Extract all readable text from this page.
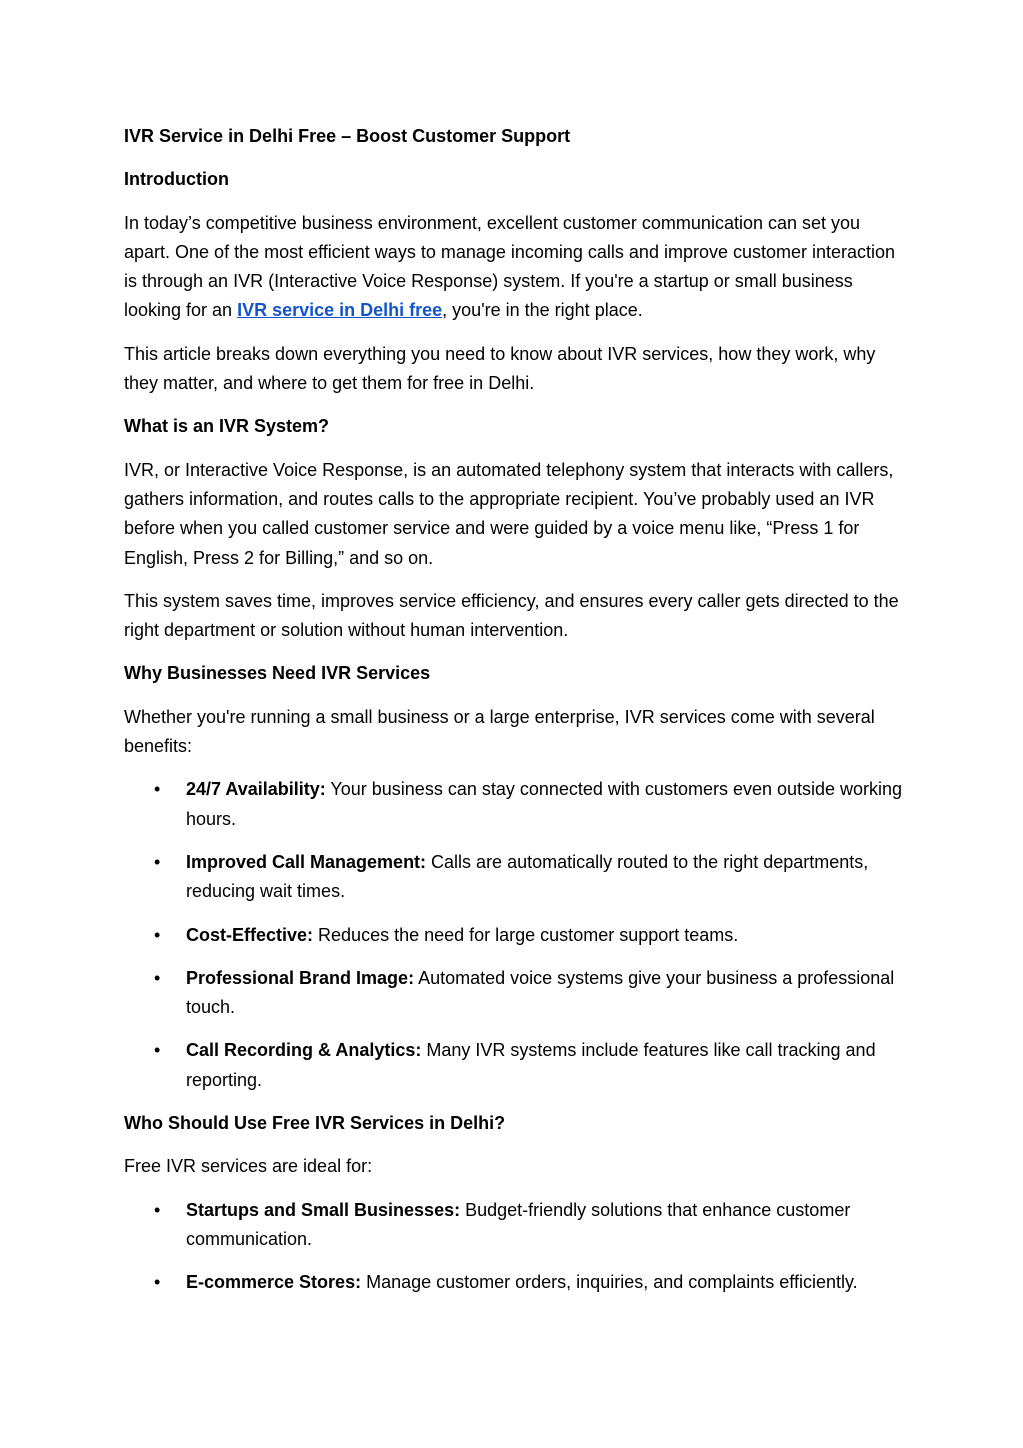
IVR Service in Delhi Free – Boost Customer Support
Introduction
In today’s competitive business environment, excellent customer communication can set you apart. One of the most efficient ways to manage incoming calls and improve customer interaction is through an IVR (Interactive Voice Response) system. If you're a startup or small business looking for an IVR service in Delhi free, you're in the right place.
This article breaks down everything you need to know about IVR services, how they work, why they matter, and where to get them for free in Delhi.
What is an IVR System?
IVR, or Interactive Voice Response, is an automated telephony system that interacts with callers, gathers information, and routes calls to the appropriate recipient. You’ve probably used an IVR before when you called customer service and were guided by a voice menu like, “Press 1 for English, Press 2 for Billing,” and so on.
This system saves time, improves service efficiency, and ensures every caller gets directed to the right department or solution without human intervention.
Why Businesses Need IVR Services
Whether you're running a small business or a large enterprise, IVR services come with several benefits:
• 24/7 Availability: Your business can stay connected with customers even outside working hours.
• Improved Call Management: Calls are automatically routed to the right departments, reducing wait times.
• Cost-Effective: Reduces the need for large customer support teams.
• Professional Brand Image: Automated voice systems give your business a professional touch.
• Call Recording & Analytics: Many IVR systems include features like call tracking and reporting.
Who Should Use Free IVR Services in Delhi?
Free IVR services are ideal for:
• Startups and Small Businesses: Budget-friendly solutions that enhance customer communication.
• E-commerce Stores: Manage customer orders, inquiries, and complaints efficiently.
